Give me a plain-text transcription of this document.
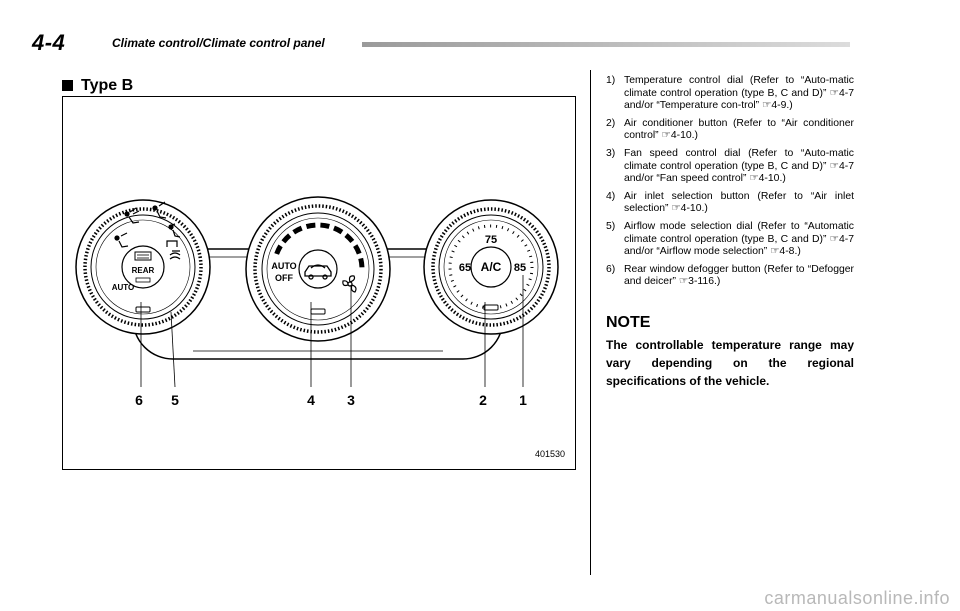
4-4	Climate control/Climate control panel
Type B
REAR
AUTO
AUTO
OFF
A/C
65
75
85
6 5	4 3	2 1
401530
1) Temperature control dial (Refer to “Auto-matic climate control operation (type B, C and D)” ☞4-7 and/or “Temperature con-trol” ☞4-9.)
2) Air conditioner button (Refer to “Air conditioner control” ☞4-10.)
3) Fan speed control dial (Refer to “Auto-matic climate control operation (type B, C and D)” ☞4-7 and/or “Fan speed control” ☞4-10.)
4) Air inlet selection button (Refer to “Air inlet selection” ☞4-10.)
5) Airflow mode selection dial (Refer to “Automatic climate control operation (type B, C and D)” ☞4-7 and/or “Airflow mode selection” ☞4-8.)
6) Rear window defogger button (Refer to “Defogger and deicer” ☞3-116.)
NOTE
The controllable temperature range may vary depending on the regional specifications of the vehicle.
carmanualsonline.info
